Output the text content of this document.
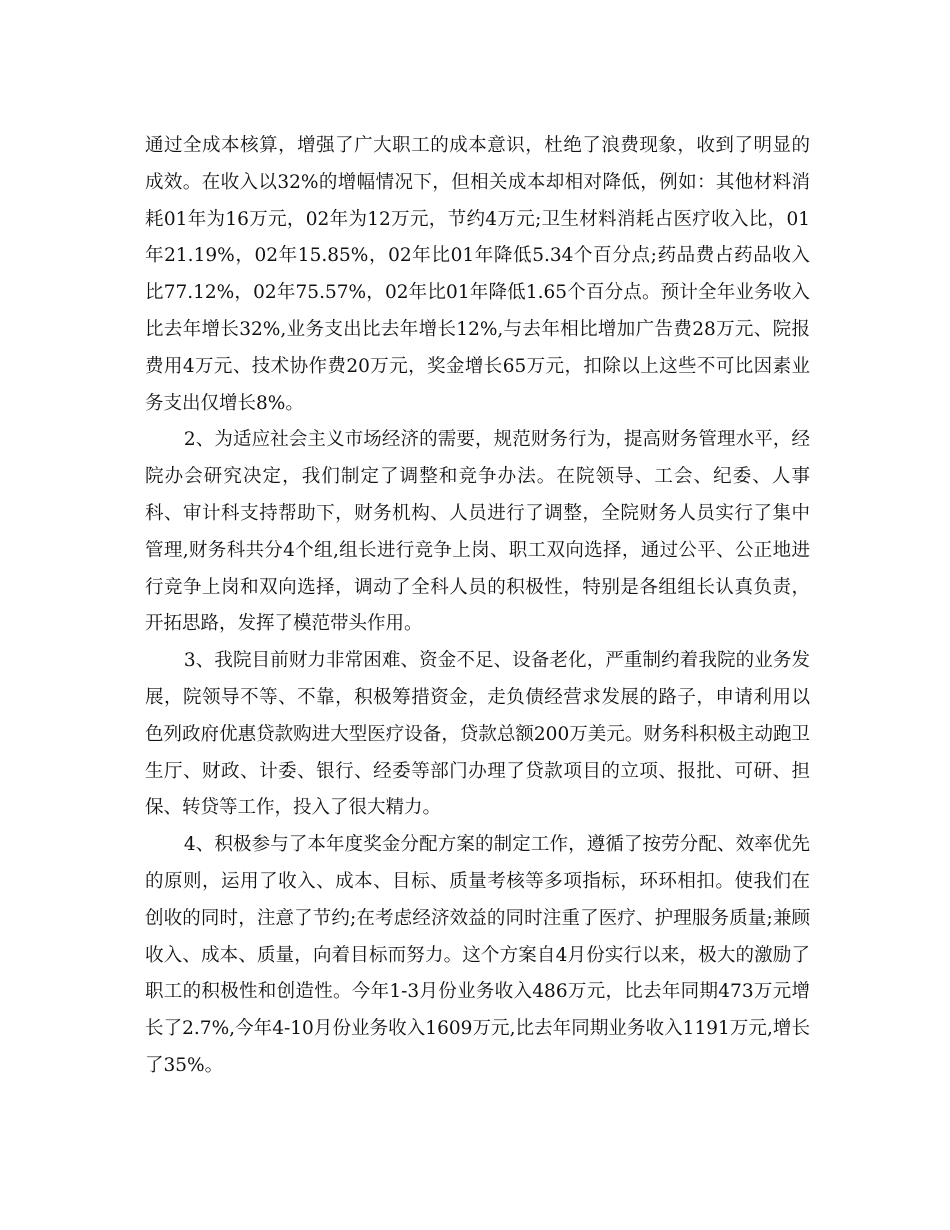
通过全成本核算，增强了广大职工的成本意识，杜绝了浪费现象，收到了明显的成效。在收入以32%的增幅情况下，但相关成本却相对降低，例如：其他材料消耗01年为16万元，02年为12万元，节约4万元;卫生材料消耗占医疗收入比，01年21.19%，02年15.85%，02年比01年降低5.34个百分点;药品费占药品收入比77.12%，02年75.57%，02年比01年降低1.65个百分点。预计全年业务收入比去年增长32%,业务支出比去年增长12%,与去年相比增加广告费28万元、院报费用4万元、技术协作费20万元，奖金增长65万元，扣除以上这些不可比因素业务支出仅增长8%。

2、为适应社会主义市场经济的需要，规范财务行为，提高财务管理水平，经院办会研究决定，我们制定了调整和竞争办法。在院领导、工会、纪委、人事科、审计科支持帮助下，财务机构、人员进行了调整，全院财务人员实行了集中管理,财务科共分4个组,组长进行竞争上岗、职工双向选择，通过公平、公正地进行竞争上岗和双向选择，调动了全科人员的积极性，特别是各组组长认真负责，开拓思路，发挥了模范带头作用。

3、我院目前财力非常困难、资金不足、设备老化，严重制约着我院的业务发展，院领导不等、不靠，积极筹措资金，走负债经营求发展的路子，申请利用以色列政府优惠贷款购进大型医疗设备，贷款总额200万美元。财务科积极主动跑卫生厅、财政、计委、银行、经委等部门办理了贷款项目的立项、报批、可研、担保、转贷等工作，投入了很大精力。

4、积极参与了本年度奖金分配方案的制定工作，遵循了按劳分配、效率优先的原则，运用了收入、成本、目标、质量考核等多项指标，环环相扣。使我们在创收的同时，注意了节约;在考虑经济效益的同时注重了医疗、护理服务质量;兼顾收入、成本、质量，向着目标而努力。这个方案自4月份实行以来，极大的激励了职工的积极性和创造性。今年1-3月份业务收入486万元，比去年同期473万元增长了2.7%,今年4-10月份业务收入1609万元,比去年同期业务收入1191万元,增长了35%。
